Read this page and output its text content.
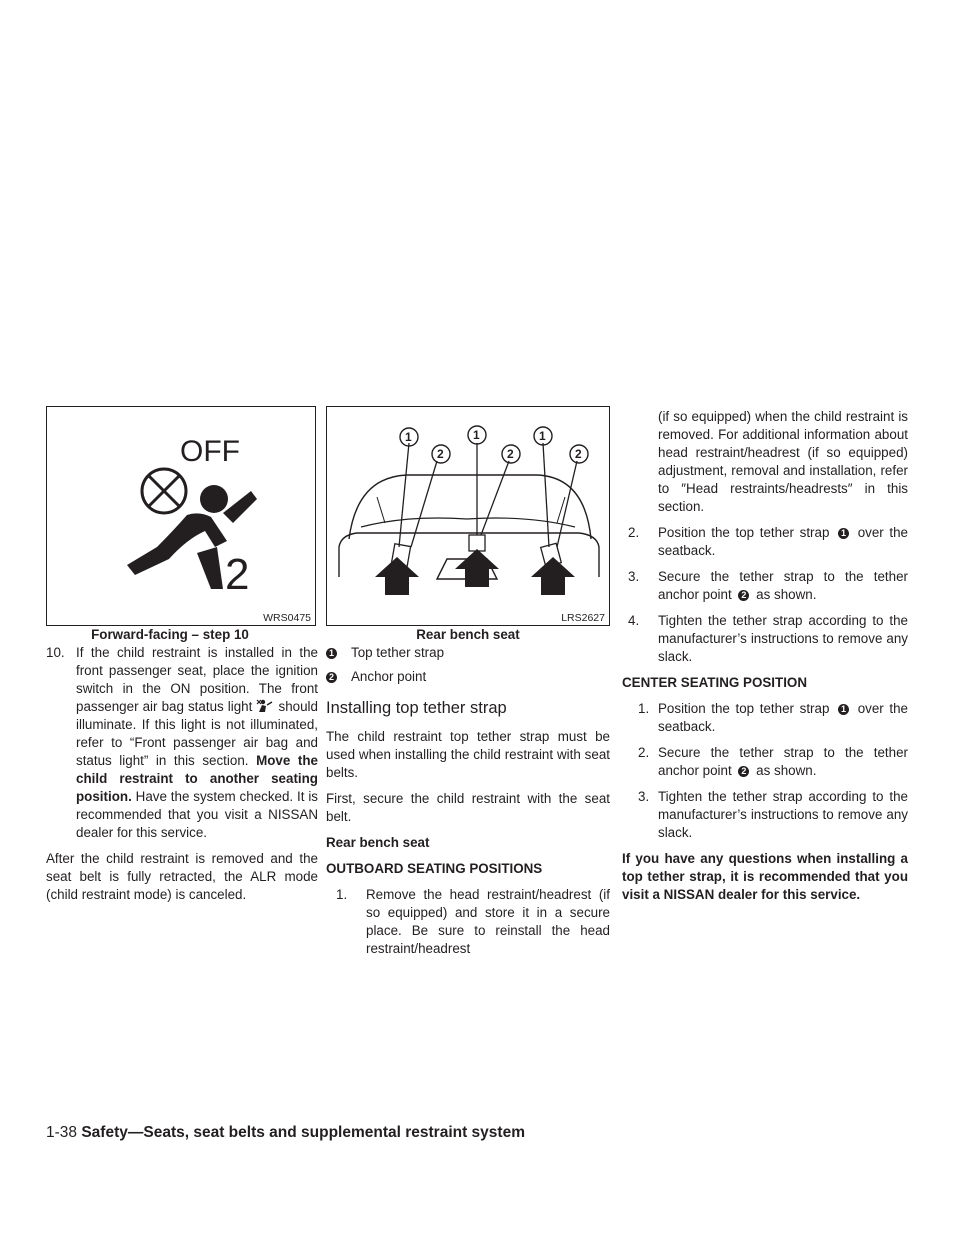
OFF
2
WRS0475
Forward-facing – step 10
10. If the child restraint is installed in the front passenger seat, place the ignition switch in the ON position. The front passenger air bag status light should illuminate. If this light is not illuminated, refer to “Front passenger air bag and status light” in this section. Move the child restraint to another seating position. Have the system checked. It is recommended that you visit a NISSAN dealer for this service.

After the child restraint is removed and the seat belt is fully retracted, the ALR mode (child restraint mode) is canceled.

1
2
1
2
1
2
LRS2627
Rear bench seat
1 Top tether strap
2 Anchor point
Installing top tether strap

The child restraint top tether strap must be used when installing the child restraint with seat belts.

First, secure the child restraint with the seat belt.

Rear bench seat
OUTBOARD SEATING POSITIONS
1. Remove the head restraint/headrest (if so equipped) and store it in a secure place. Be sure to reinstall the head restraint/headrest

(if so equipped) when the child restraint is removed. For additional information about head restraint/headrest (if so equipped) adjustment, removal and installation, refer to ″Head restraints/headrests″ in this section.

2. Position the top tether strap 1 over the seatback.
3. Secure the tether strap to the tether anchor point 2 as shown.
4. Tighten the tether strap according to the manufacturer’s instructions to remove any slack.
CENTER SEATING POSITION
1. Position the top tether strap 1 over the seatback.
2. Secure the tether strap to the tether anchor point 2 as shown.
3. Tighten the tether strap according to the manufacturer’s instructions to remove any slack.

If you have any questions when installing a top tether strap, it is recommended that you visit a NISSAN dealer for this service.

1-38 Safety—Seats, seat belts and supplemental restraint system
